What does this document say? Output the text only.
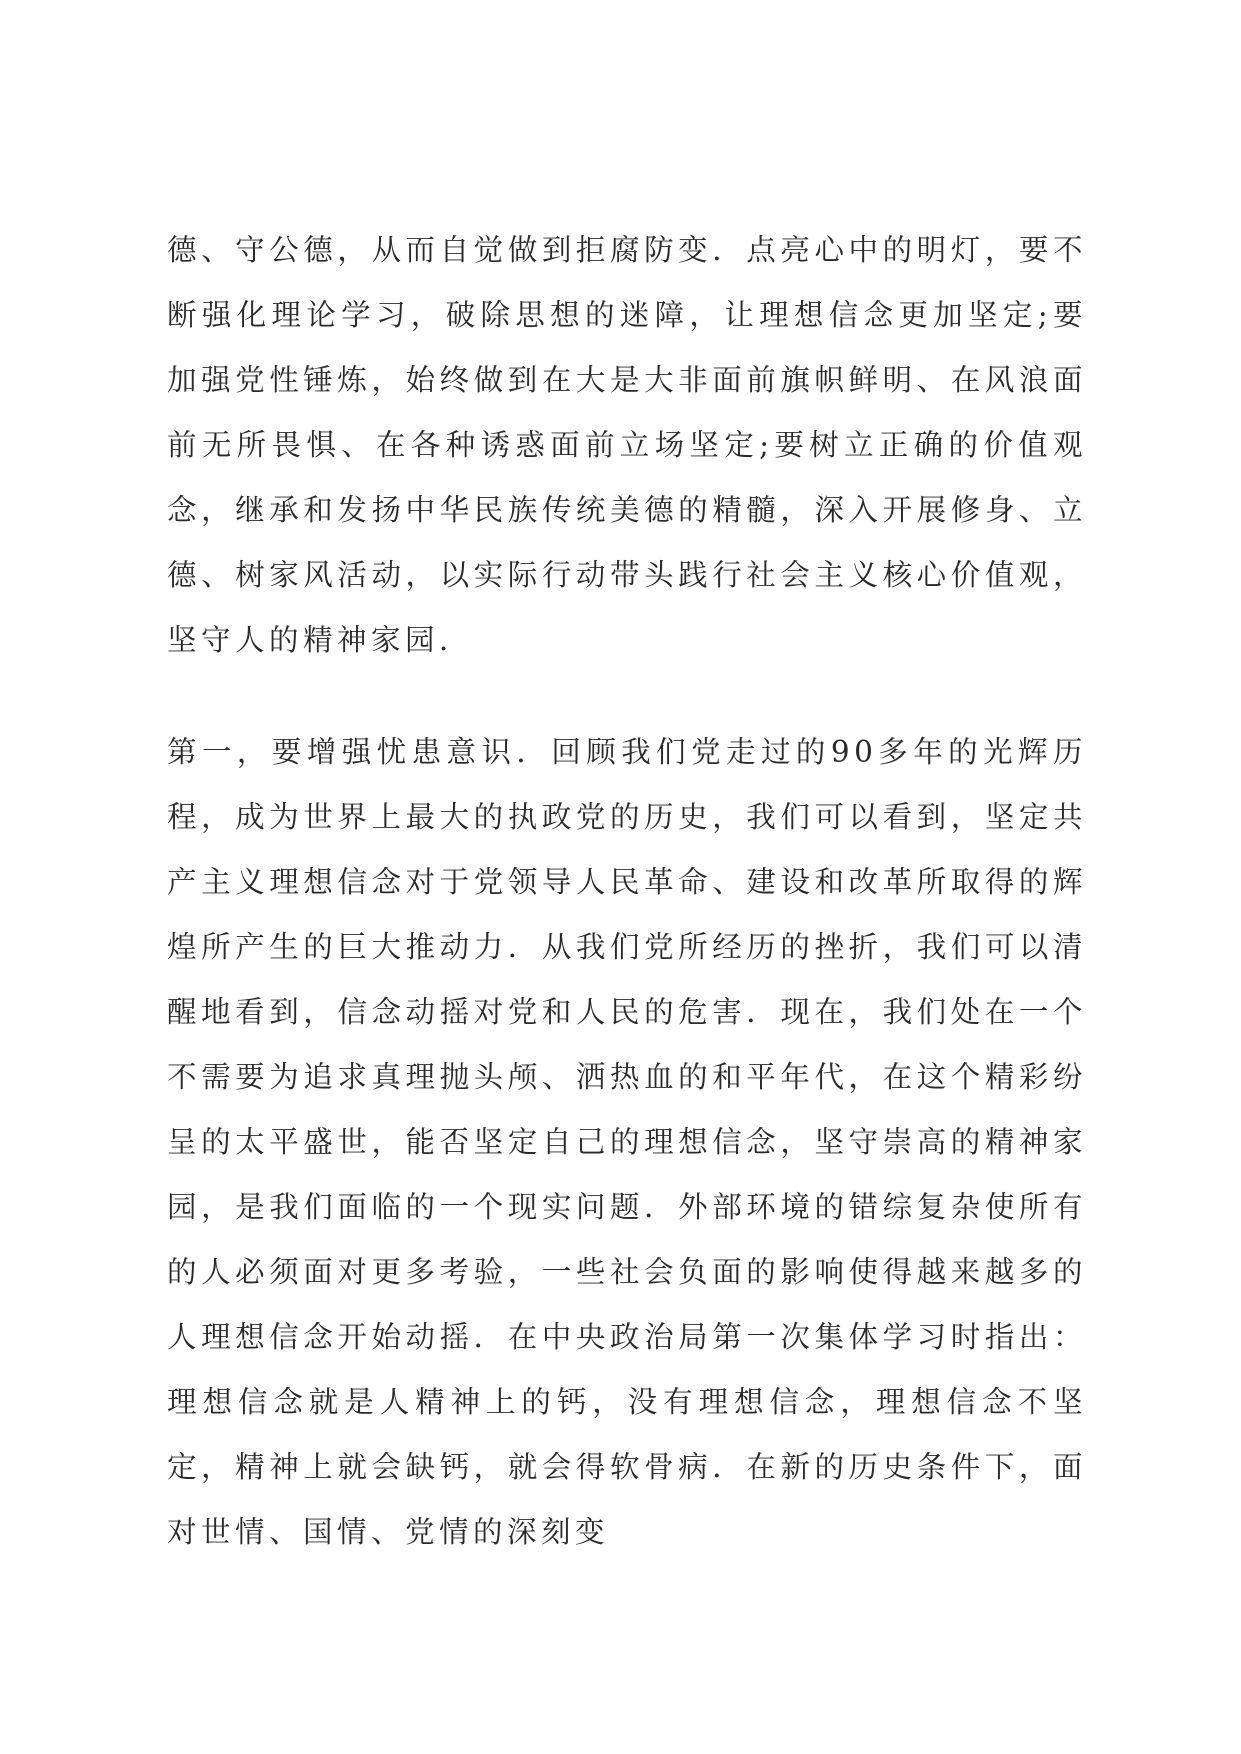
德、守公德，从而自觉做到拒腐防变．点亮心中的明灯，要不断强化理论学习，破除思想的迷障，让理想信念更加坚定;要加强党性锤炼，始终做到在大是大非面前旗帜鲜明、在风浪面前无所畏惧、在各种诱惑面前立场坚定;要树立正确的价值观念，继承和发扬中华民族传统美德的精髓，深入开展修身、立德、树家风活动，以实际行动带头践行社会主义核心价值观，坚守人的精神家园．

第一，要增强忧患意识．回顾我们党走过的90多年的光辉历程，成为世界上最大的执政党的历史，我们可以看到，坚定共产主义理想信念对于党领导人民革命、建设和改革所取得的辉煌所产生的巨大推动力．从我们党所经历的挫折，我们可以清醒地看到，信念动摇对党和人民的危害．现在，我们处在一个不需要为追求真理抛头颅、洒热血的和平年代，在这个精彩纷呈的太平盛世，能否坚定自己的理想信念，坚守崇高的精神家园，是我们面临的一个现实问题．外部环境的错综复杂使所有的人必须面对更多考验，一些社会负面的影响使得越来越多的人理想信念开始动摇．在中央政治局第一次集体学习时指出：理想信念就是人精神上的钙，没有理想信念，理想信念不坚定，精神上就会缺钙，就会得软骨病．在新的历史条件下，面对世情、国情、党情的深刻变
